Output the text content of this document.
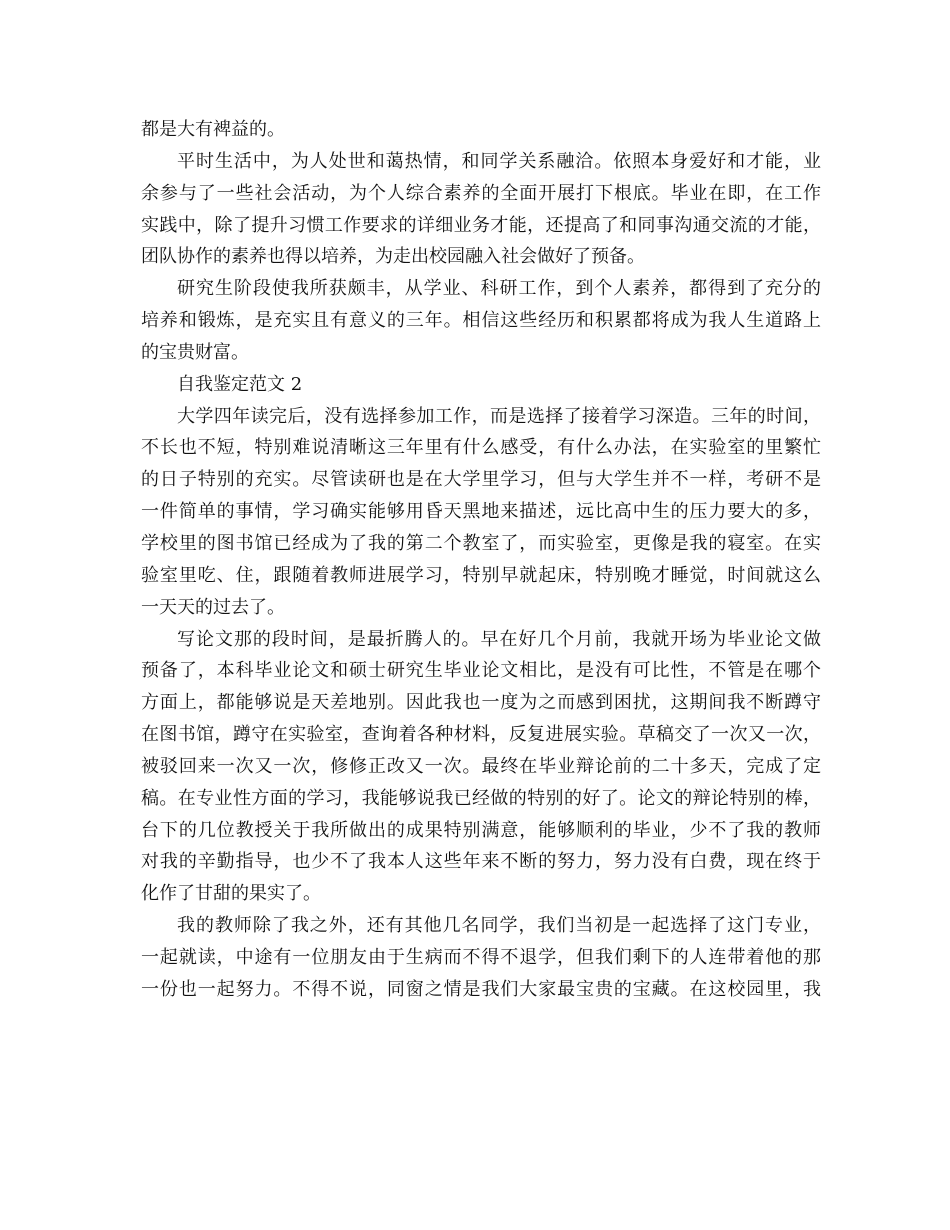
都是大有裨益的。
平时生活中，为人处世和蔼热情，和同学关系融洽。依照本身爱好和才能，业
余参与了一些社会活动，为个人综合素养的全面开展打下根底。毕业在即，在工作
实践中，除了提升习惯工作要求的详细业务才能，还提高了和同事沟通交流的才能，
团队协作的素养也得以培养，为走出校园融入社会做好了预备。
研究生阶段使我所获颇丰，从学业、科研工作，到个人素养，都得到了充分的
培养和锻炼，是充实且有意义的三年。相信这些经历和积累都将成为我人生道路上
的宝贵财富。
自我鉴定范文 2
大学四年读完后，没有选择参加工作，而是选择了接着学习深造。三年的时间，
不长也不短，特别难说清晰这三年里有什么感受，有什么办法，在实验室的里繁忙
的日子特别的充实。尽管读研也是在大学里学习，但与大学生并不一样，考研不是
一件简单的事情，学习确实能够用昏天黑地来描述，远比高中生的压力要大的多，
学校里的图书馆已经成为了我的第二个教室了，而实验室，更像是我的寝室。在实
验室里吃、住，跟随着教师进展学习，特别早就起床，特别晚才睡觉，时间就这么
一天天的过去了。
写论文那的段时间，是最折腾人的。早在好几个月前，我就开场为毕业论文做
预备了，本科毕业论文和硕士研究生毕业论文相比，是没有可比性，不管是在哪个
方面上，都能够说是天差地别。因此我也一度为之而感到困扰，这期间我不断蹲守
在图书馆，蹲守在实验室，查询着各种材料，反复进展实验。草稿交了一次又一次，
被驳回来一次又一次，修修正改又一次。最终在毕业辩论前的二十多天，完成了定
稿。在专业性方面的学习，我能够说我已经做的特别的好了。论文的辩论特别的棒，
台下的几位教授关于我所做出的成果特别满意，能够顺利的毕业，少不了我的教师
对我的辛勤指导，也少不了我本人这些年来不断的努力，努力没有白费，现在终于
化作了甘甜的果实了。
我的教师除了我之外，还有其他几名同学，我们当初是一起选择了这门专业，
一起就读，中途有一位朋友由于生病而不得不退学，但我们剩下的人连带着他的那
一份也一起努力。不得不说，同窗之情是我们大家最宝贵的宝藏。在这校园里，我
